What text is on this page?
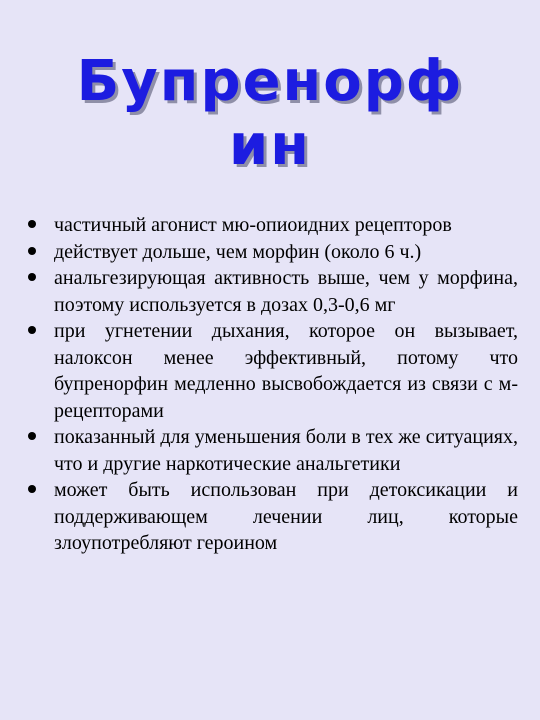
Бупренорф
ин
частичный агонист мю-опиоидних рецепторов
действует дольше, чем морфин (около 6 ч.)
анальгезирующая активность выше, чем у морфина, поэтому используется в дозах 0,3-0,6 мг
при угнетении дыхания, которое он вызывает, налоксон менее эффективный, потому что бупренорфин медленно высвобождается из связи с м-рецепторами
показанный для уменьшения боли в тех же ситуациях, что и другие наркотические анальгетики
может быть использован при детоксикации и поддерживающем лечении лиц, которые злоупотребляют героином
